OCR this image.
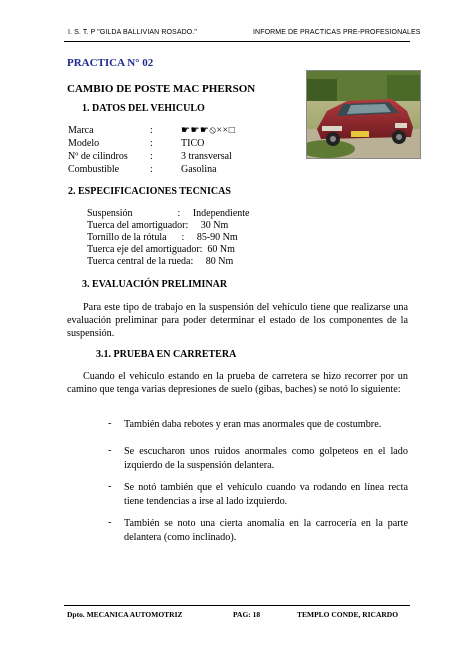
I. S. T. P "GILDA BALLIVIAN ROSADO."	INFORME DE PRACTICAS PRE-PROFESIONALES
PRACTICA N° 02
CAMBIO DE POSTE MAC PHERSON
1. DATOS DEL VEHICULO
Marca	:	☛☛☛⦸××□
Modelo	:	TICO
Nº de cilindros :	3 transversal
Combustible	:	Gasolina
2. ESPECIFICACIONES TECNICAS
Suspensión                  :     Independiente
Tuerca del amortiguador:     30 Nm
Tornillo de la rótula      :     85-90 Nm
Tuerca eje del amortiguador:  60 Nm
Tuerca central de la rueda:     80 Nm
3. EVALUACIÓN PRELIMINAR
Para este tipo de trabajo en la suspensión del vehículo tiene que realizarse una evaluación preliminar para poder determinar el estado de los componentes de la suspensión.
3.1. PRUEBA EN CARRETERA
Cuando el vehiculo estando en la prueba de carretera se hizo recorrer por un camino que tenga varias depresiones de suelo (gibas, baches) se notó lo siguiente:
- También daba rebotes y eran mas anormales que de costumbre.
- Se escucharon unos ruidos anormales como golpeteos en el lado izquierdo de la suspensión delantera.
- Se notó también que el vehículo cuando va rodando en línea recta tiene tendencias a irse al lado izquierdo.
- También se noto una cierta anomalía en la carrocería en la parte delantera (como inclinado).
Dpto. MECANICA AUTOMOTRIZ	PAG: 18	TEMPLO CONDE, RICARDO
